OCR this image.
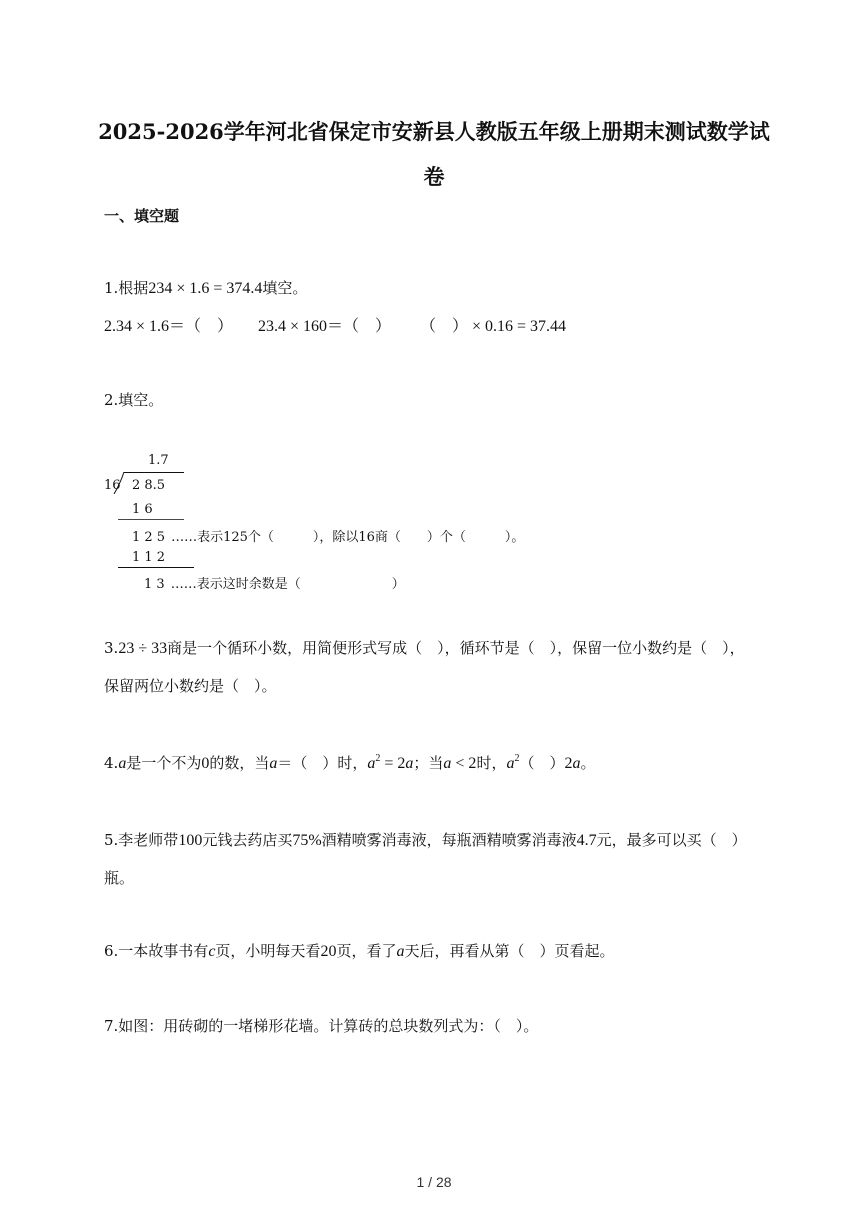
2025-2026学年河北省保定市安新县人教版五年级上册期末测试数学试
卷
一、填空题
1.根据234 × 1.6 = 374.4填空。
2.34 × 1.6＝（　） 23.4 × 160＝（　） （　） × 0.16 = 37.44
2.填空。
1.7
16 2 8.5
1 6
1 2 5 ……表示125个（　　　），除以16商（　　）个（　　　）。
1 1 2
1 3 ……表示这时余数是（　　　　　　　）
3.23 ÷ 33商是一个循环小数，用简便形式写成（　），循环节是（　），保留一位小数约是（　），
保留两位小数约是（　）。
4.a是一个不为0的数，当a＝（　）时，$a^2 = 2a$；当a < 2时，$a^2$（　）2a。
5.李老师带100元钱去药店买75%酒精喷雾消毒液，每瓶酒精喷雾消毒液4.7元，最多可以买（　）
瓶。
6.一本故事书有c页，小明每天看20页，看了a天后，再看从第（　）页看起。
7.如图：用砖砌的一堵梯形花墙。计算砖的总块数列式为：（　）。
1 / 28
